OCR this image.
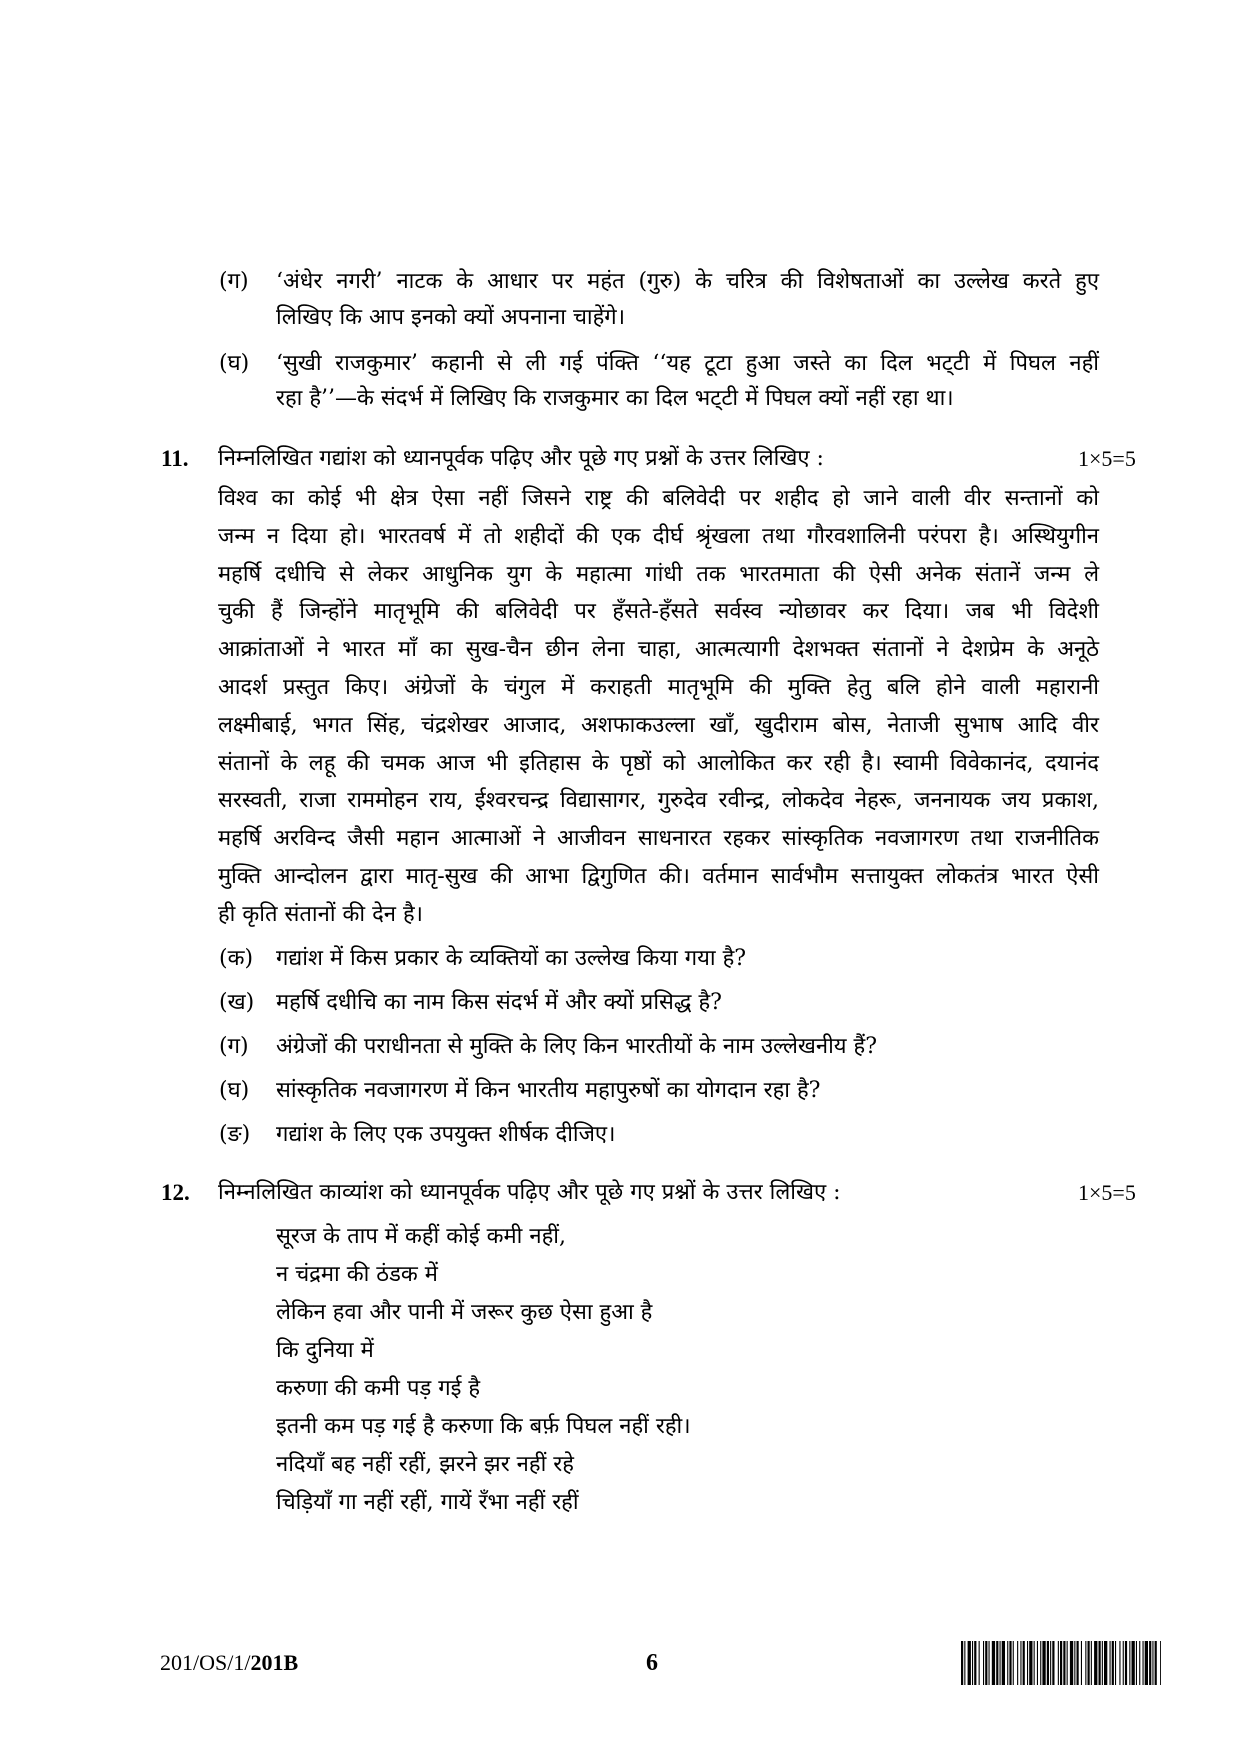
(ग) ‘अंधेर नगरी’ नाटक के आधार पर महंत (गुरु) के चरित्र की विशेषताओं का उल्लेख करते हुए
लिखिए कि आप इनको क्यों अपनाना चाहेंगे।
(घ) ‘सुखी राजकुमार’ कहानी से ली गई पंक्ति ‘‘यह टूटा हुआ जस्ते का दिल भट्‌टी में पिघल नहीं
रहा है’’—के संदर्भ में लिखिए कि राजकुमार का दिल भट्‌टी में पिघल क्यों नहीं रहा था।
11. निम्नलिखित गद्यांश को ध्यानपूर्वक पढ़िए और पूछे गए प्रश्नों के उत्तर लिखिए :	1×5=5
विश्व का कोई भी क्षेत्र ऐसा नहीं जिसने राष्ट्र की बलिवेदी पर शहीद हो जाने वाली वीर सन्तानों को
जन्म न दिया हो। भारतवर्ष में तो शहीदों की एक दीर्घ श्रृंखला तथा गौरवशालिनी परंपरा है। अस्थियुगीन
महर्षि दधीचि से लेकर आधुनिक युग के महात्मा गांधी तक भारतमाता की ऐसी अनेक संतानें जन्म ले
चुकी हैं जिन्होंने मातृभूमि की बलिवेदी पर हँसते-हँसते सर्वस्व न्योछावर कर दिया। जब भी विदेशी
आक्रांताओं ने भारत माँ का सुख-चैन छीन लेना चाहा, आत्मत्यागी देशभक्त संतानों ने देशप्रेम के अनूठे
आदर्श प्रस्तुत किए। अंग्रेजों के चंगुल में कराहती मातृभूमि की मुक्ति हेतु बलि होने वाली महारानी
लक्ष्मीबाई, भगत सिंह, चंद्रशेखर आजाद, अशफाकउल्ला खाँ, खुदीराम बोस, नेताजी सुभाष आदि वीर
संतानों के लहू की चमक आज भी इतिहास के पृष्ठों को आलोकित कर रही है। स्वामी विवेकानंद, दयानंद
सरस्वती, राजा राममोहन राय, ईश्वरचन्द्र विद्यासागर, गुरुदेव रवीन्द्र, लोकदेव नेहरू, जननायक जय प्रकाश,
महर्षि अरविन्द जैसी महान आत्माओं ने आजीवन साधनारत रहकर सांस्कृतिक नवजागरण तथा राजनीतिक
मुक्ति आन्दोलन द्वारा मातृ-सुख की आभा द्विगुणित की। वर्तमान सार्वभौम सत्तायुक्त लोकतंत्र भारत ऐसी
ही कृति संतानों की देन है।
(क) गद्यांश में किस प्रकार के व्यक्तियों का उल्लेख किया गया है?
(ख) महर्षि दधीचि का नाम किस संदर्भ में और क्यों प्रसिद्ध है?
(ग) अंग्रेजों की पराधीनता से मुक्ति के लिए किन भारतीयों के नाम उल्लेखनीय हैं?
(घ) सांस्कृतिक नवजागरण में किन भारतीय महापुरुषों का योगदान रहा है?
(ङ) गद्यांश के लिए एक उपयुक्त शीर्षक दीजिए।
12. निम्नलिखित काव्यांश को ध्यानपूर्वक पढ़िए और पूछे गए प्रश्नों के उत्तर लिखिए :	1×5=5
सूरज के ताप में कहीं कोई कमी नहीं,
न चंद्रमा की ठंडक में
लेकिन हवा और पानी में जरूर कुछ ऐसा हुआ है
कि दुनिया में
करुणा की कमी पड़ गई है
इतनी कम पड़ गई है करुणा कि बर्फ़ पिघल नहीं रही।
नदियाँ बह नहीं रहीं, झरने झर नहीं रहे
चिड़ियाँ गा नहीं रहीं, गायें रँभा नहीं रहीं
201/OS/1/201B	6
